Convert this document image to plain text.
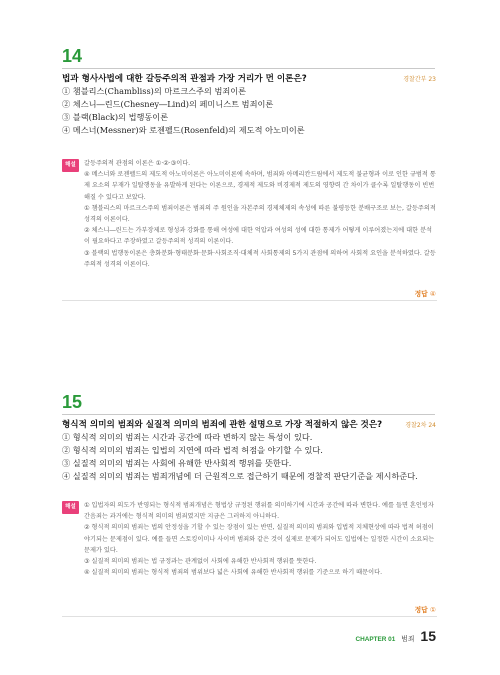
14
법과 형사사법에 대한 갈등주의적 관점과 가장 거리가 먼 이론은?	경찰간부 23
① 챔블리스(Chambliss)의 마르크스주의 범죄이론
② 체스니―린드(Chesney―Lind)의 페미니스트 범죄이론
③ 블랙(Black)의 법행동이론
④ 메스너(Messner)와 로젠펠드(Rosenfeld)의 제도적 아노미이론
해설	갈등주의적 관점의 이론은 ①·②·③이다.
④ 메스너와 로젠펠드의 제도적 아노미이론은 아노미이론에 속하며, 범죄와 아메리칸드림에서 제도적 불균형과 이로 인한 규범적 통제 요소의 부재가 일탈행동을 유발하게 된다는 이론으로, 경제적 제도와 비경제적 제도의 영향력 간 차이가 클수록 일탈행동이 빈번해질 수 있다고 보았다.
① 챔블리스의 마르크스주의 범죄이론은 범죄의 주 원인을 자본주의 경제체제의 속성에 따른 불평등한 분배구조로 보는, 갈등주의적 성격의 이론이다.
② 체스니―린드는 가부장제로 형성과 강화를 통해 여성에 대한 억압과 여성의 성에 대한 통제가 어떻게 이루어졌는지에 대한 분석이 필요하다고 주장하였고 갈등주의적 성격의 이론이다.
③ 블랙의 법행동이론은 층화분화·형태분화·문화·사회조직·대체적 사회통제의 5가지 관점에 의하여 사회적 요인을 분석하였다. 갈등주의적 성격의 이론이다.
정답 ④
15
형식적 의미의 범죄와 실질적 의미의 범죄에 관한 설명으로 가장 적절하지 않은 것은?	경찰2차 24
① 형식적 의미의 범죄는 시간과 공간에 따라 변하지 않는 특성이 있다.
② 형식적 의미의 범죄는 입법의 지연에 따라 법적 허점을 야기할 수 있다.
③ 실질적 의미의 범죄는 사회에 유해한 반사회적 행위를 뜻한다.
④ 실질적 의미의 범죄는 범죄개념에 더 근원적으로 접근하기 때문에 경찰적 판단기준을 제시하준다.
해설	① 입법자의 의도가 반영되는 형식적 범죄개념은 형법상 규정된 행위를 의미하기에 시간과 공간에 따라 변한다. 예를 들면 혼인빙자 간음죄는 과거에는 형식적 의미의 범죄였지만 지금은 그러하지 아니하다.
② 형식적 의미의 범죄는 법의 안정성을 기할 수 있는 장점이 있는 반면, 실질적 의미의 범죄와 입법적 지체현상에 따라 법적 허점이 야기되는 문제점이 있다. 예를 들면 스토킹이미나 사이버 범죄와 같은 것이 실제로 문제가 되어도 입법에는 일정한 시간이 소요되는 문제가 있다.
③ 실질적 의미의 범죄는 법 규정과는 관계없이 사회에 유해한 반사회적 행위를 뜻한다.
④ 실질적 의미의 범죄는 형식적 범죄의 범위보다 넓은 사회에 유해한 반사회적 행위를 기준으로 하기 때문이다.
정답 ①
CHAPTER 01 범죄 15
